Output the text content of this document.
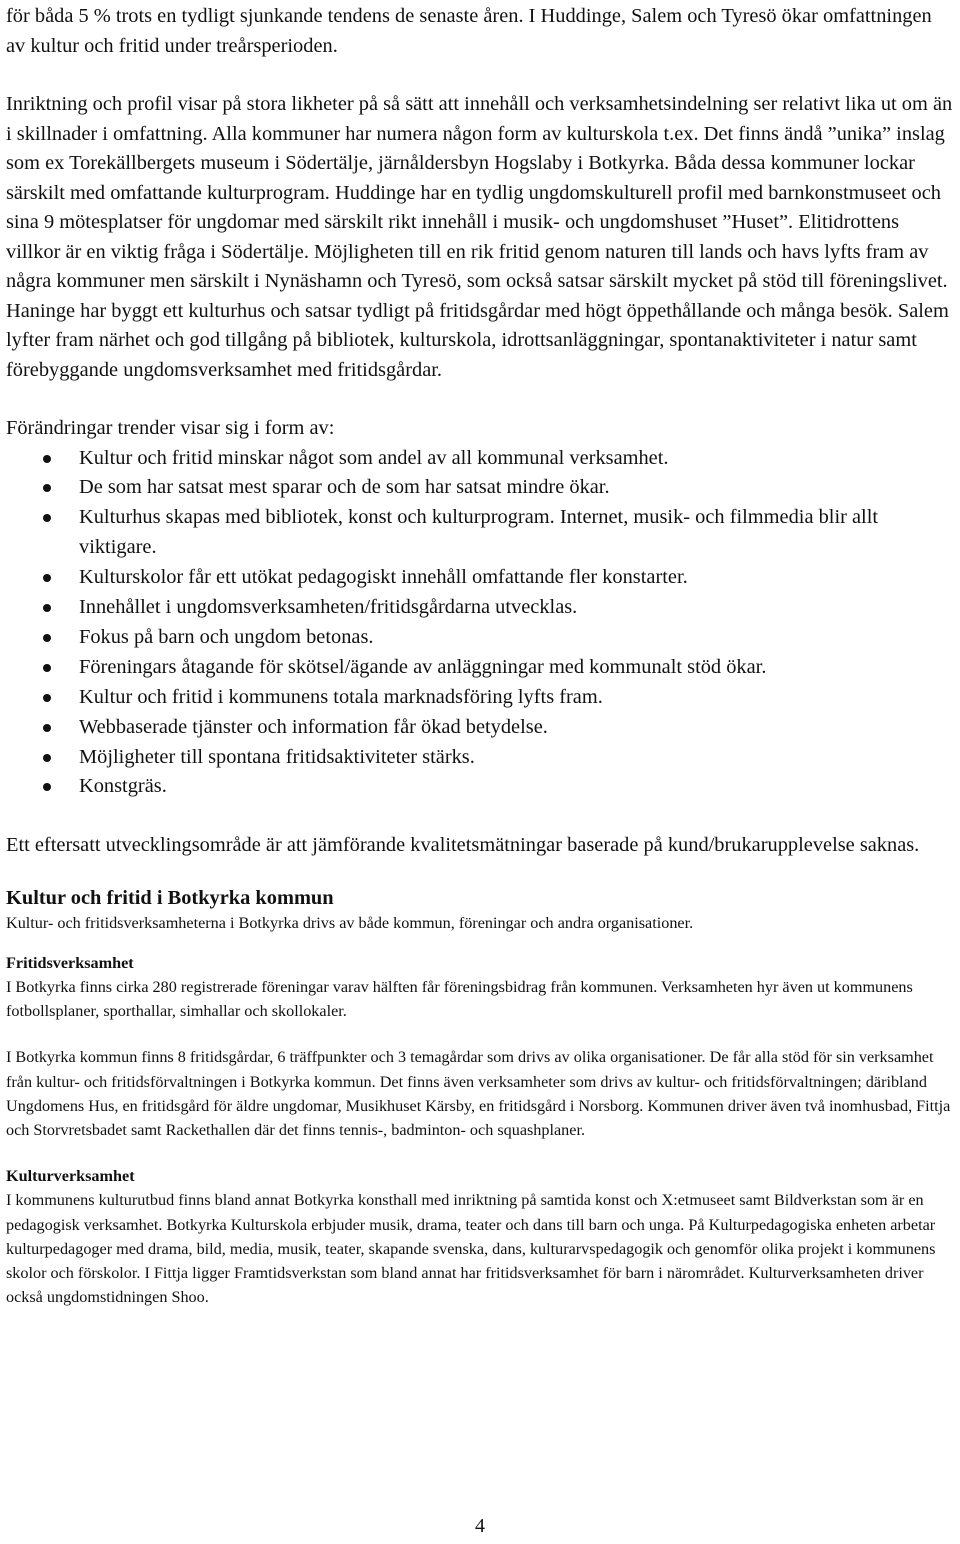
för båda 5 % trots en tydligt sjunkande tendens de senaste åren. I Huddinge, Salem och Tyresö ökar omfattningen av kultur och fritid under treårsperioden.

Inriktning och profil visar på stora likheter på så sätt att innehåll och verksamhetsindelning ser relativt lika ut om än i skillnader i omfattning. Alla kommuner har numera någon form av kulturskola t.ex. Det finns ändå ”unika” inslag som ex Torekällbergets museum i Södertälje, järnåldersbyn Hogslaby i Botkyrka. Båda dessa kommuner lockar särskilt med omfattande kulturprogram. Huddinge har en tydlig ungdomskulturell profil med barnkonstmuseet och sina 9 mötesplatser för ungdomar med särskilt rikt innehåll i musik- och ungdomshuset ”Huset”. Elitidrottens villkor är en viktig fråga i Södertälje. Möjligheten till en rik fritid genom naturen till lands och havs lyfts fram av några kommuner men särskilt i Nynäshamn och Tyresö, som också satsar särskilt mycket på stöd till föreningslivet. Haninge har byggt ett kulturhus och satsar tydligt på fritidsgårdar med högt öppethållande och många besök. Salem lyfter fram närhet och god tillgång på bibliotek, kulturskola, idrottsanläggningar, spontanaktiviteter i natur samt förebyggande ungdomsverksamhet med fritidsgårdar.

Förändringar trender visar sig i form av:

Kultur och fritid minskar något som andel av all kommunal verksamhet.
De som har satsat mest sparar och de som har satsat mindre ökar.
Kulturhus skapas med bibliotek, konst och kulturprogram. Internet, musik- och filmmedia blir allt viktigare.
Kulturskolor får ett utökat pedagogiskt innehåll omfattande fler konstarter.
Innehållet i ungdomsverksamheten/fritidsgårdarna utvecklas.
Fokus på barn och ungdom betonas.
Föreningars åtagande för skötsel/ägande av anläggningar med kommunalt stöd ökar.
Kultur och fritid i kommunens totala marknadsföring lyfts fram.
Webbaserade tjänster och information får ökad betydelse.
Möjligheter till spontana fritidsaktiviteter stärks.
Konstgräs.

Ett eftersatt utvecklingsområde är att jämförande kvalitetsmätningar baserade på kund/brukarupplevelse saknas.

Kultur och fritid i Botkyrka kommun

Kultur- och fritidsverksamheterna i Botkyrka drivs av både kommun, föreningar och andra organisationer.

Fritidsverksamhet

I Botkyrka finns cirka 280 registrerade föreningar varav hälften får föreningsbidrag från kommunen. Verksamheten hyr även ut kommunens fotbollsplaner, sporthallar, simhallar och skollokaler.

I Botkyrka kommun finns 8 fritidsgårdar, 6 träffpunkter och 3 temagårdar som drivs av olika organisationer. De får alla stöd för sin verksamhet från kultur- och fritidsförvaltningen i Botkyrka kommun. Det finns även verksamheter som drivs av kultur- och fritidsförvaltningen; däribland Ungdomens Hus, en fritidsgård för äldre ungdomar, Musikhuset Kärsby, en fritidsgård i Norsborg. Kommunen driver även två inomhusbad, Fittja och Storvretsbadet samt Rackethallen där det finns tennis-, badminton- och squashplaner.

Kulturverksamhet

I kommunens kulturutbud finns bland annat Botkyrka konsthall med inriktning på samtida konst och X:etmuseet samt Bildverkstan som är en pedagogisk verksamhet. Botkyrka Kulturskola erbjuder musik, drama, teater och dans till barn och unga. På Kulturpedagogiska enheten arbetar kulturpedagoger med drama, bild, media, musik, teater, skapande svenska, dans, kulturarvspedagogik och genomför olika projekt i kommunens skolor och förskolor. I Fittja ligger Framtidsverkstan som bland annat har fritidsverksamhet för barn i närområdet. Kulturverksamheten driver också ungdomstidningen Shoo.

4
